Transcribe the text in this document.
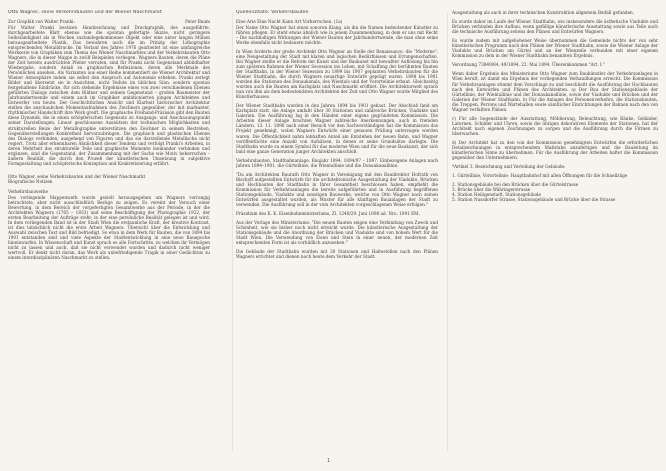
Otto Wagner, seine Verkehrsbauten und der Wiener Naschmarkt
Zur Graphik von Walter Pranki:	Peter Baum

Für Walter Pranki bestizen Handzeichnung und Druckgraphik, des ausgeführte, durchgearbeitete Blatt ebenso wie die spontan gefertigte Skizze, nicht geringere Selbständigkeit als in Wochen zustandegekommenes Objekt oder eine unter langen Mühen herausgearbeitete Plastik. Das bewahren auch die im Prinzip der Lithographie entsprechenden Metalldrucke. Im Verlauf des Jahres 1976 gearbeitet ist eine umfangreiche Werkserie von Graphiken zum Thema des Wiener Naschmarktes und der Verkehrsbauten Otto Wagners, die in dieser Mappe in zwölf Beispielen vorliegen. Wagners Bauten, deren die Pläne der Zeit bereits ausdrückten Pfeiler verraten, sind für Pranki nicht Gegenstand abbildhafter Wiedergabe, sondern Anlaß zu graphischen Reflexionen, deren alle Merkmale des Persönlichen ansehen. Als Varianten aus einer Reihe kommentiert sie Wiener Architektur und Wiener Atmosphäre indem sie selbst den Anspruch auf Autonomie erheben. Pranki zerlegt Bilder und übersetzt sie in Ansichten, nicht Vedute im üblichen Sinn, sondern spontan festgehaltene Eindrücke, für sich stehende Ergebnisse eines von zwei verschiedenen Ebenen geführten Dialogs zwischen dem Bildner und seinem Gegenstand – großen Baumeister der Jahrhundertwende und einem auch im Graphiker ambitionierten jungen Architekten und Entwerfer von heute. Der Geschichtlichen Ansicht und Klarheit historischer Architektur stellen die anschaulichen Momentaufnahmen des Zeichners gegenüber, der mit markanter, rhythmischer Handschrift ihre Werk greift. Die graphische Freihand-Präzision gibt den Bauten diese Dynamik, die in einen schöpferischen Gegensatz zu Ausgangs- und Anschauungspunkt seiner Darstellungen, Linear geschlossene Ausnützen der technischen Möglichkeiten und strukturellen Reize der Metallographie unterstützen den Zeichner in seinem Bestreben, Gegenüberstellungen Konkretheit hervorzubringen. Die graphisch und plastischen Ebenen des Dialogs verbinden, ausgehend von Figuren und das sie darstellende Metallische nicht regiert. Trotz aller erkennbaren Ähnlichkeit dieser Tendenz und verfolgt Pranki's Arbeiten, in deren Mehrheit das strukturelle Teile und graphische Momente ineinander verbinden und ergänzen, sind die Gegenstand, der Zusammenhang mit der Sache wie Motiv beherrschen – äußern Realität, die durch den Prozeß der künstlerischen Umsetzung in subjektive Formgestaltung und schöpferische Konzeption und Konkretisierung erfährt.

Otto Wagner, seine Verkehrsbauten und der Wiener Naschmarkt
Biografische Notizen
Verkehrsbauwerke

Des vorliegende Mappenwerk wurde gezielt herausgegeben um Wagners vorrangig betrachtete, aber nicht ausschließlich Bezüge zu zeigen. Es vereint der Versuch einer Bewertung, in dem Bereich der vorgefertigten Gesamtwerke aus der Periode, in der die Architekten Wagners (1765 – 1833) und seine Beschäftigung der Photographie 1922, der ersten Bearbeitung der Aufträge steht; in der eine persönliche Realität gelegen ist und wird. In dem vorliegenden Band ist in der Stadt Wien die erstaunliche Kraft, der kreative Kontrast, ist dies tatsächlich nicht die erste Arbeit Wagners. Übersicht über die Entwicklung und Auswahl zwischen Text und Bild befriedigt. So etwa in dem Werk für Bauten, die von 1894 bis 1901 entstanden sind und viele Aspekte der Stadtentwicklung in eine neue Bauepoche hineinwarfen. In Wissenschaft und Kunst sprach es alle Fortschritte, zu welchen ihr Vermögen nicht zu lassen und auch, daß sie nicht verwendet wurden und dadurch nicht weniger wertvoll. Er denkt nicht daran, das Werk als unbefriedigende Tragik in einer Gedächtnis zu einem interdisziplinären Naschmarkt zu stellen.

Quellenzitate: Verkehrsbauten
Eine Arie Eine Nacht Kann Art Vorherrschen. (1a)

Der Name Otto Wagner hat einen sonoren Klang, als ihn die Namen bedeutender Künstler zu führen pflegen. Er steht etwas ähnlich wie in jenem Zusammenhang, in dem er uns mit Recht – Die nachhaltigen Wirkungen der Wiener Bauten der Jahrhundertwende, die man ohne seine Werke ebenfalls nicht bedauern möchte.

In Wien forderte der große Architekt Otto Wagner an Stelle der Renaissance, die "Moderne", eine Neugestaltung der Stadt mit klaren und logischen Bedürfnissen und Errungenschaften. Bei Wagner stellte er die Reform der Kunst und der Baukunst mit bewußter Auflösung bis hin zum späteren Rahmen der Wiener Secession ins Leben, mit Schaffung der berühmten Bauten der Stadtbahn, in der Wiener Sezession zu 1899 bis 1907 geplanten Verkehrsbauten für die Wiener Stadtbahn, die durch Wagners neuartige Entwürfe geprägt waren. 1898 bis 1901 wurden die Stationen des Donaukanals, des Wientals und der Vorortelinie erbaut. Gleichzeitig wurden auch die Bauten am Karlsplatz und Naschmarkt eröffnet. Die Architekturwelt sprach nun von ihm als dem bedeutendsten Architekten der Zeit und Otto Wagner wurde Mitglied des Künstlerhauses.

Der Wiener Stadtbahn wurden in den Jahren 1894 bis 1901 gebaut. Der Abschluß fand am Karlsplatz statt, die Anlage umfaßt über 30 Stationen und zahlreiche Brücken, Viadukte und Galerien. Die Ausführung lag in den Händen einer eigens gegründeten Kommission. Die Arbeiten dieser Anlage brachten Wagner zahlreiche Anerkennungen, auch in fremden Ländern. 13. 11. 1896 nach einer Besuch vor den Sachverständigen hat die Kommission das Projekt genehmigt, wobei Wagners Entwürfe einer genauen Prüfung unterzogen worden waren. Die Öffentlichkeit nahm lebhaften Anteil am Entstehen der neuen Bahn, und Wagner veröffentlichte eine Anzahl von Aufsätzen, in denen er seine Grundsätze darlegte. Die Stadtbahn wurde zu einem Symbol für das moderne Wien und für die neue Baukunst, der sich bald eine ganze Generation junger Architekten anschloß.

Verkehrsbauten, Stadtbahnanlage, Baujahr 1894. 1894/97 – 1897. Einbezogene Anlagen nach Jahren 1894–1901, die Gürtellinie, die Wientallinie und die Donaukanallinie.

"Da am Architekten Baurath Otto Wagner in Vereinigung mit den Baudirektor Hofrath von Bischoff aufgestellten Entwürfe für die architektonische Ausgestaltung der Viadukte, Brücken und Hochbauten der Stadtbahn in Ihrer Gesamtheit beschlossen haben, empfiehlt die Kommission für Verkehrsanlagen die bereits aufgeführten und in Ausführung begriffenen Stationsgebäude, Viadukte und sonstigen Bauwerke, welche von Otto Wagner nach seinen Entwürfen ausgestaltet wurden, als Muster für alle künftigen Bauanlagen der Stadt zu verwenden. Die Ausführung soll in der vom Architekten vorgeschlagenen Weise erfolgen."

Präsidium des K. K. Eisenbahnministeriums, Zl. 1240/29. Juni 1898 ad. Nro. 1091 EM.

Aus der Vorlage des Ministeriums: "Die neuen Bauten zeigen eine Verbindung von Zweck und Schönheit, wie sie bisher noch nicht erreicht wurde. Die künstlerische Ausgestaltung der Stationsgebäude und die Anordnung der Brücken und Viadukte sind von hohem Wert für die Stadt Wien. Die Verwendung von Eisen und Stein in einer neuen, der modernen Zeit entsprechenden Form ist als vorbildlich anzusehen."

Die Gebäude der Stadtbahn wurden mit 30 Stationen und Haltestellen nach den Plänen Wagners errichtet und dienen noch heute dem Verkehr der Stadt.

Ausgestaltung als auch in ihrer technischen Konstruktion allgemein Beifall gefunden.

Es wurde daher im Laufe der Wiener Stadtbahn, wie insbesondere die ästhetische Viadukte und Brücken verbinden ihre Aufbau, wenn gefällige künstlerische Ausstattung sowie aus Teile auch die technische Ausführung seitens den Plänen und Entwürfen Wagners.

Es wurde zudem mit aufgehobener Weise übernommen die Gemeinde nichts der von sehr künstlerischen Programm nach den Plänen der Wiener Stadtbahn, sowie die Wiener Anlage der Viadukte und Brücken am Gürtel und an der Wienzeile verbunden mit einer eigenen Kommission zu dem in der Wiener Stadtbahn benannten Ergebnis.

Verordnung 73849/84, 49/1894, 22. Mai 1894. Übereinkommen "Art. I."

Wenn daher Ergebnis des Ministeriums Otto Wagner zum Baukünstler der Verkehrsanlagen in Wien beruft, ist damit ein Ergebnis der vorliegenden Verhandlungen erreicht. Die Kommission für Verkehrsanlagen stimmt dem Vorschlage zu und beschließt die Ausführung der Hochbauten nach den Entwürfen und Plänen des Architekten. a) Der Bau der Stationsgebäude der Gürtellinie, der Wientallinie und der Donaukanallinie, sowie der Viadukte und Brücken und der Galerien der Wiener Stadtbahn. b) Für die Anlagen des Personenverkehrs, die Stationsbauten, die Treppen, Perrons und Wartehallen sowie sämtlicher Einrichtungen der Bahnen nach den von Wagner verfaßten Plänen.

c) Für alle Gegenstände der Ausstattung, Möblierung, Beleuchtung, wie Bänke, Geländer, Laternen, Schilder und Uhren, sowie die übrigen dekorativen Elemente der Stationen, hat der Architekt nach eigenen Zeichnungen zu sorgen und die Ausführung durch die Firmen zu überwachen.

d) Der Architekt hat zu den von der Kommission genehmigten Entwürfen die erforderlichen Detailzeichnungen in entsprechendem Maßstabe anzufertigen und die Bauleitung im künstlerischen Sinne zu übernehmen. Für die Ausführung der Arbeiten haftet die Kommission gegenüber den Unternehmern.

*Artikel 3. Bezeichnung und Verteilung der Gebäude:

1. Gürtellinie, Vorortelinie: Hauptbahnhof mit allen Öffnungen für die Schnellzüge

2. Stationsgebäude bei den Brücken über die Gürtelstrasse
3. Brücke über die Währingerstrasse
4. Station Heiligenstadt, Stationsgebäude
5. Station Nussdorfer Strasse, Stationsgebäude und Brücke über die Strasse
1
